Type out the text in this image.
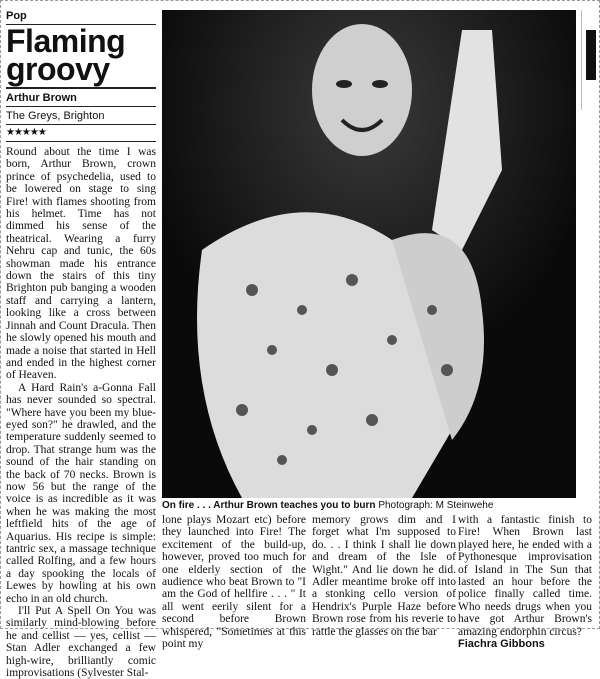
Pop
Flaming groovy
Arthur Brown
The Greys, Brighton
★★★★★

Round about the time I was born, Arthur Brown, crown prince of psychedelia, used to be lowered on stage to sing Fire! with flames shooting from his helmet. Time has not dimmed his sense of the theatrical. Wearing a furry Nehru cap and tunic, the 60s showman made his entrance down the stairs of this tiny Brighton pub banging a wooden staff and carrying a lantern, looking like a cross between Jinnah and Count Dracula. Then he slowly opened his mouth and made a noise that started in Hell and ended in the highest corner of Heaven.

A Hard Rain's a-Gonna Fall has never sounded so spectral. "Where have you been my blue-eyed son?" he drawled, and the temperature suddenly seemed to drop. That strange hum was the sound of the hair standing on the back of 70 necks. Brown is now 56 but the range of the voice is as incredible as it was when he was making the most leftfield hits of the age of Aquarius. His recipe is simple: tantric sex, a massage technique called Rolfing, and a few hours a day spooking the locals of Lewes by howling at his own echo in an old church.

I'll Put A Spell On You was similarly mind-blowing before he and cellist — yes, cellist — Stan Adler exchanged a few high-wire, brilliantly comic improvisations (Sylvester Stal-

On fire . . . Arthur Brown teaches you to burn Photograph: M Steinwehe

lone plays Mozart etc) before they launched into Fire! The excitement of the build-up, however, proved too much for one elderly section of the audience who beat Brown to "I am the God of hellfire . . . " It all went eerily silent for a second before Brown whispered, "Sometimes at this point my

memory grows dim and I forget what I'm supposed to do. . . I think I shall lie down and dream of the Isle of Wight." And lie down he did. Adler meantime broke off into a stonking cello version of Hendrix's Purple Haze before Brown rose from his reverie to rattle the glasses on the bar

with a fantastic finish to Fire! When Brown last played here, he ended with a Pythonesque improvisation of Island in The Sun that lasted an hour before the police finally called time. Who needs drugs when you have got Arthur Brown's amazing endorphin circus?

Fiachra Gibbons
